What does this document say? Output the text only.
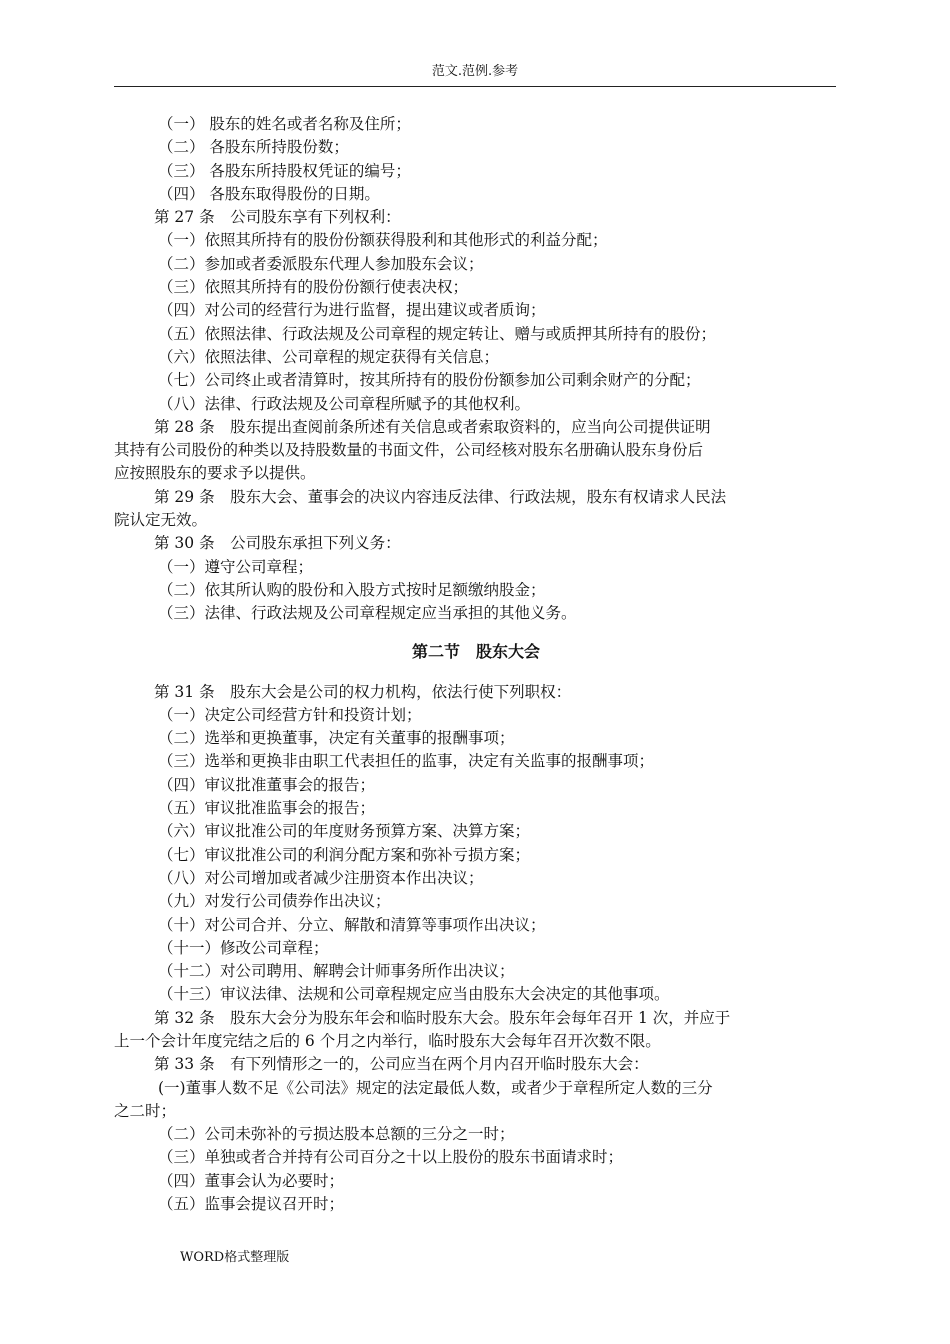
范文.范例.参考
（一） 股东的姓名或者名称及住所；
（二） 各股东所持股份数；
（三） 各股东所持股权凭证的编号；
（四） 各股东取得股份的日期。
第 27 条　公司股东享有下列权利：
（一）依照其所持有的股份份额获得股利和其他形式的利益分配；
（二）参加或者委派股东代理人参加股东会议；
（三）依照其所持有的股份份额行使表决权；
（四）对公司的经营行为进行监督，提出建议或者质询；
（五）依照法律、行政法规及公司章程的规定转让、赠与或质押其所持有的股份；
（六）依照法律、公司章程的规定获得有关信息；
（七）公司终止或者清算时，按其所持有的股份份额参加公司剩余财产的分配；
（八）法律、行政法规及公司章程所赋予的其他权利。
第 28 条　股东提出查阅前条所述有关信息或者索取资料的，应当向公司提供证明
其持有公司股份的种类以及持股数量的书面文件，公司经核对股东名册确认股东身份后
应按照股东的要求予以提供。
第 29 条　股东大会、董事会的决议内容违反法律、行政法规，股东有权请求人民法
院认定无效。
第 30 条　公司股东承担下列义务：
（一）遵守公司章程；
（二）依其所认购的股份和入股方式按时足额缴纳股金；
（三）法律、行政法规及公司章程规定应当承担的其他义务。
第二节　股东大会
第 31 条　股东大会是公司的权力机构，依法行使下列职权：
（一）决定公司经营方针和投资计划；
（二）选举和更换董事，决定有关董事的报酬事项；
（三）选举和更换非由职工代表担任的监事，决定有关监事的报酬事项；
（四）审议批准董事会的报告；
（五）审议批准监事会的报告；
（六）审议批准公司的年度财务预算方案、决算方案；
（七）审议批准公司的利润分配方案和弥补亏损方案；
（八）对公司增加或者减少注册资本作出决议；
（九）对发行公司债券作出决议；
（十）对公司合并、分立、解散和清算等事项作出决议；
（十一）修改公司章程；
（十二）对公司聘用、解聘会计师事务所作出决议；
（十三）审议法律、法规和公司章程规定应当由股东大会决定的其他事项。
第 32 条　股东大会分为股东年会和临时股东大会。股东年会每年召开 1 次，并应于
上一个会计年度完结之后的 6 个月之内举行，临时股东大会每年召开次数不限。
第 33 条　有下列情形之一的，公司应当在两个月内召开临时股东大会：
(一)董事人数不足《公司法》规定的法定最低人数，或者少于章程所定人数的三分
之二时；
（二）公司未弥补的亏损达股本总额的三分之一时；
（三）单独或者合并持有公司百分之十以上股份的股东书面请求时；
（四）董事会认为必要时；
（五）监事会提议召开时；
WORD格式整理版
